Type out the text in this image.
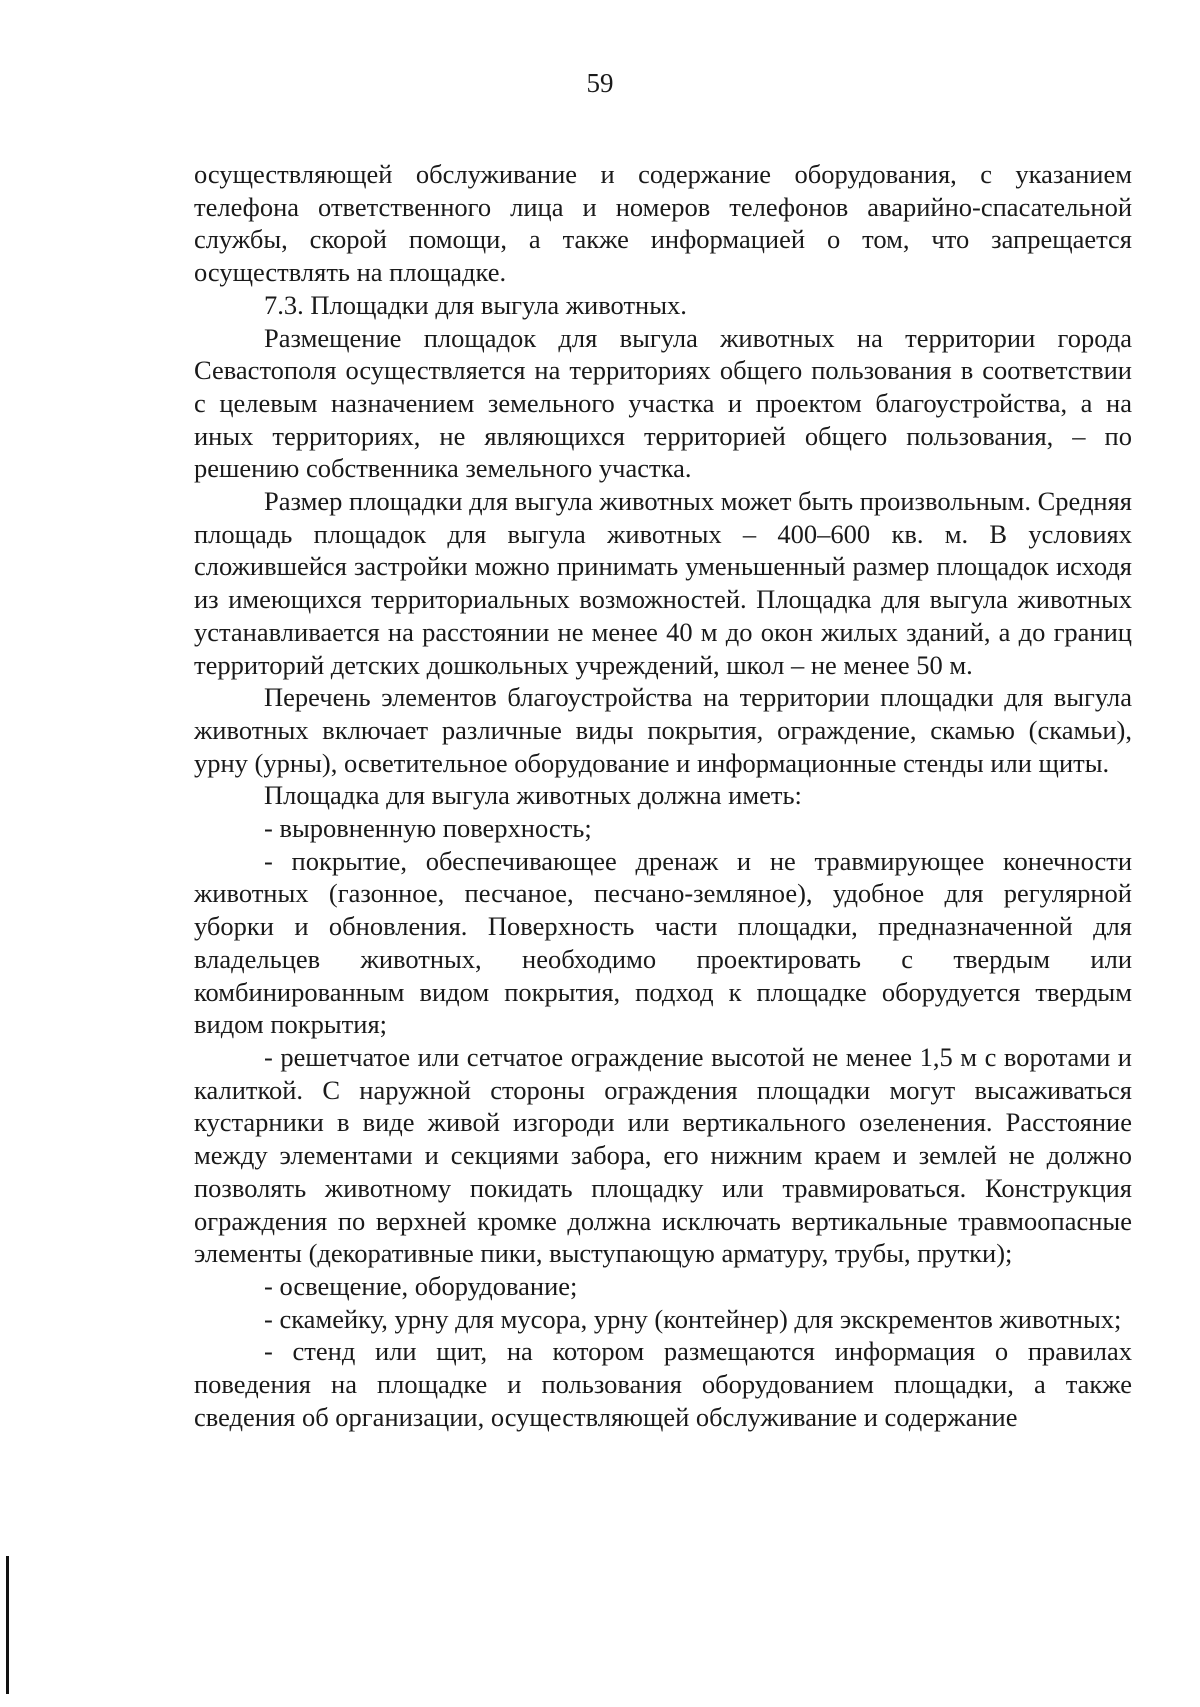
59

осуществляющей обслуживание и содержание оборудования, с указанием телефона ответственного лица и номеров телефонов аварийно-спасательной службы, скорой помощи, а также информацией о том, что запрещается осуществлять на площадке.

7.3. Площадки для выгула животных.

Размещение площадок для выгула животных на территории города Севастополя осуществляется на территориях общего пользования в соответствии с целевым назначением земельного участка и проектом благоустройства, а на иных территориях, не являющихся территорией общего пользования, – по решению собственника земельного участка.

Размер площадки для выгула животных может быть произвольным. Средняя площадь площадок для выгула животных – 400–600 кв. м. В условиях сложившейся застройки можно принимать уменьшенный размер площадок исходя из имеющихся территориальных возможностей. Площадка для выгула животных устанавливается на расстоянии не менее 40 м до окон жилых зданий, а до границ территорий детских дошкольных учреждений, школ – не менее 50 м.

Перечень элементов благоустройства на территории площадки для выгула животных включает различные виды покрытия, ограждение, скамью (скамьи), урну (урны), осветительное оборудование и информационные стенды или щиты.

Площадка для выгула животных должна иметь:

- выровненную поверхность;

- покрытие, обеспечивающее дренаж и не травмирующее конечности животных (газонное, песчаное, песчано-земляное), удобное для регулярной уборки и обновления. Поверхность части площадки, предназначенной для владельцев животных, необходимо проектировать с твердым или комбинированным видом покрытия, подход к площадке оборудуется твердым видом покрытия;

- решетчатое или сетчатое ограждение высотой не менее 1,5 м с воротами и калиткой. С наружной стороны ограждения площадки могут высаживаться кустарники в виде живой изгороди или вертикального озеленения. Расстояние между элементами и секциями забора, его нижним краем и землей не должно позволять животному покидать площадку или травмироваться. Конструкция ограждения по верхней кромке должна исключать вертикальные травмоопасные элементы (декоративные пики, выступающую арматуру, трубы, прутки);

- освещение, оборудование;

- скамейку, урну для мусора, урну (контейнер) для экскрементов животных;

- стенд или щит, на котором размещаются информация о правилах поведения на площадке и пользования оборудованием площадки, а также сведения об организации, осуществляющей обслуживание и содержание
